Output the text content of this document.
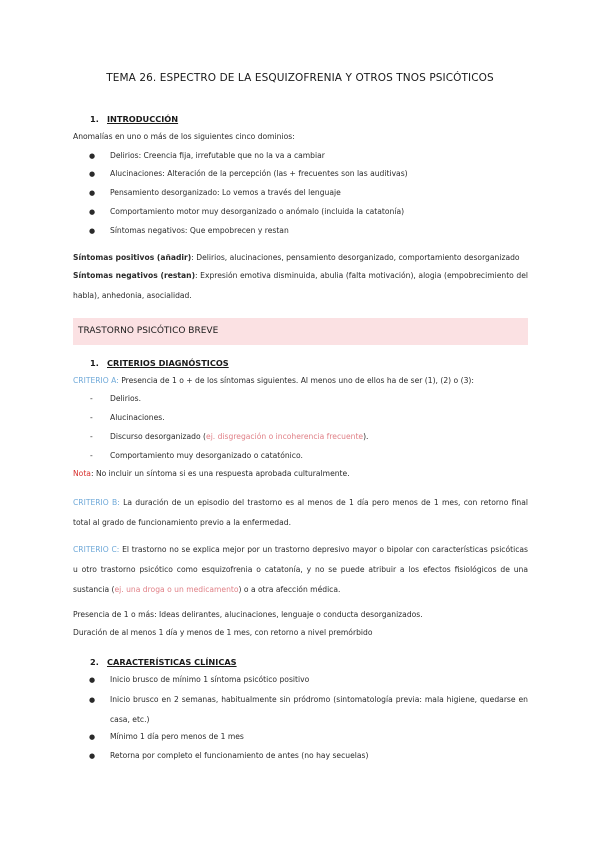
TEMA 26. ESPECTRO DE LA ESQUIZOFRENIA Y OTROS TNOS PSICÓTICOS
1. INTRODUCCIÓN
Anomalías en uno o más de los siguientes cinco dominios:
● Delirios: Creencia fija, irrefutable que no la va a cambiar
● Alucinaciones: Alteración de la percepción (las + frecuentes son las auditivas)
● Pensamiento desorganizado: Lo vemos a través del lenguaje
● Comportamiento motor muy desorganizado o anómalo (incluida la catatonía)
● Síntomas negativos: Que empobrecen y restan
Síntomas positivos (añadir): Delirios, alucinaciones, pensamiento desorganizado, comportamiento desorganizado
Síntomas negativos (restan): Expresión emotiva disminuida, abulia (falta motivación), alogia (empobrecimiento del habla), anhedonia, asocialidad.
TRASTORNO PSICÓTICO BREVE
1. CRITERIOS DIAGNÓSTICOS
CRITERIO A: Presencia de 1 o + de los síntomas siguientes. Al menos uno de ellos ha de ser (1), (2) o (3):
- Delirios.
- Alucinaciones.
- Discurso desorganizado (ej. disgregación o incoherencia frecuente).
- Comportamiento muy desorganizado o catatónico.
Nota: No incluir un síntoma si es una respuesta aprobada culturalmente.
CRITERIO B: La duración de un episodio del trastorno es al menos de 1 día pero menos de 1 mes, con retorno final total al grado de funcionamiento previo a la enfermedad.
CRITERIO C: El trastorno no se explica mejor por un trastorno depresivo mayor o bipolar con características psicóticas u otro trastorno psicótico como esquizofrenia o catatonía, y no se puede atribuir a los efectos fisiológicos de una sustancia (ej. una droga o un medicamento) o a otra afección médica.
Presencia de 1 o más: Ideas delirantes, alucinaciones, lenguaje o conducta desorganizados.
Duración de al menos 1 día y menos de 1 mes, con retorno a nivel premórbido
2. CARACTERÍSTICAS CLÍNICAS
● Inicio brusco de mínimo 1 síntoma psicótico positivo
● Inicio brusco en 2 semanas, habitualmente sin pródromo (sintomatología previa: mala higiene, quedarse en casa, etc.)
● Mínimo 1 día pero menos de 1 mes
● Retorna por completo el funcionamiento de antes (no hay secuelas)
